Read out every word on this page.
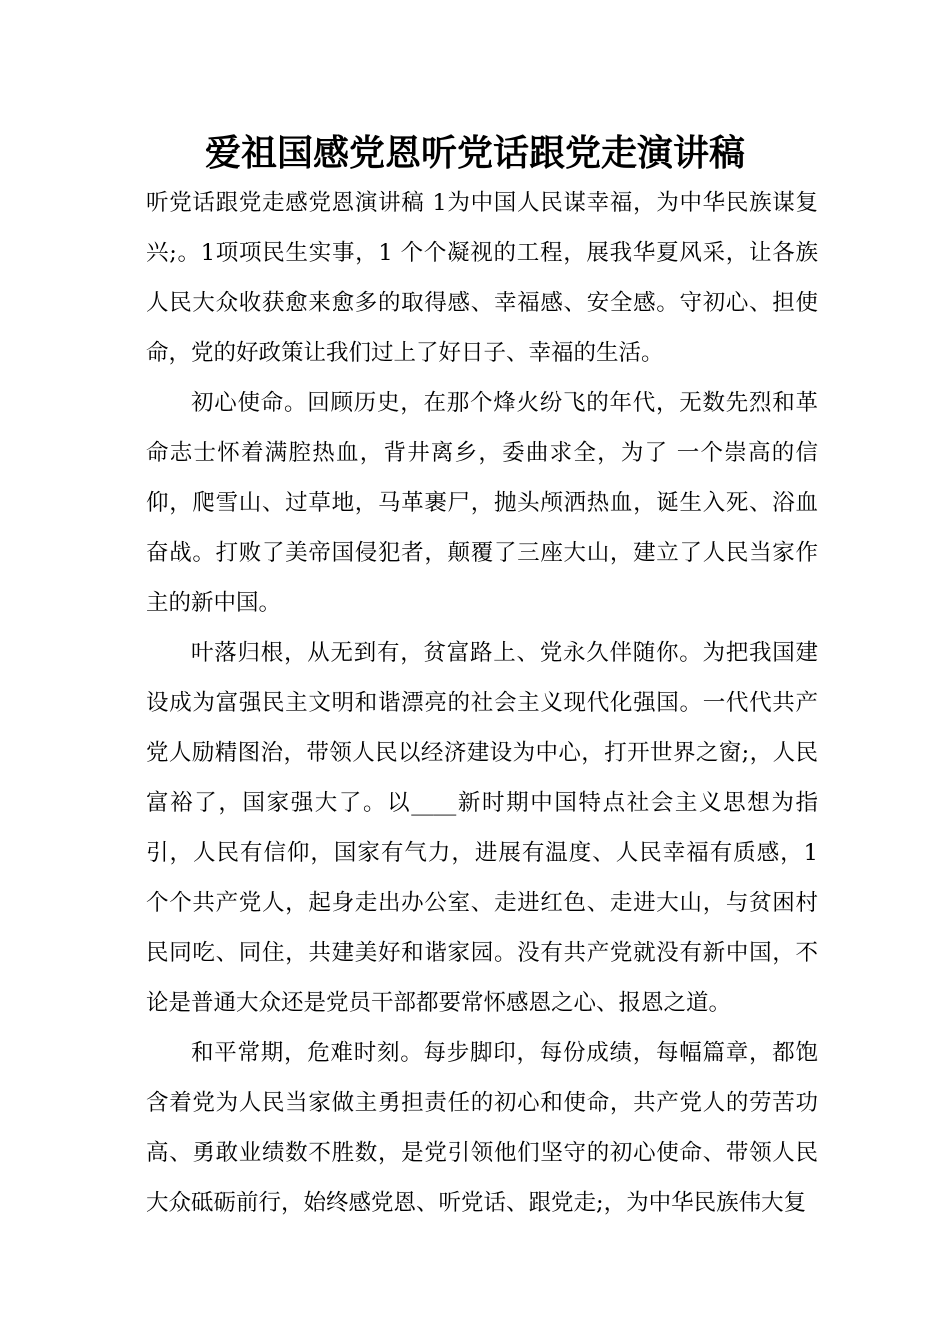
爱祖国感党恩听党话跟党走演讲稿

听党话跟党走感党恩演讲稿 1为中国人民谋幸福，为中华民族谋复兴;。1项项民生实事，1 个个凝视的工程，展我华夏风采，让各族人民大众收获愈来愈多的取得感、幸福感、安全感。守初心、担使命，党的好政策让我们过上了好日子、幸福的生活。

初心使命。回顾历史，在那个烽火纷飞的年代，无数先烈和革命志士怀着满腔热血，背井离乡，委曲求全，为了 一个崇高的信仰，爬雪山、过草地，马革裹尸，抛头颅洒热血，诞生入死、浴血奋战。打败了美帝国侵犯者，颠覆了三座大山，建立了人民当家作主的新中国。

叶落归根，从无到有，贫富路上、党永久伴随你。为把我国建设成为富强民主文明和谐漂亮的社会主义现代化强国。一代代共产党人励精图治，带领人民以经济建设为中心，打开世界之窗;，人民富裕了，国家强大了。以____新时期中国特点社会主义思想为指引，人民有信仰，国家有气力，进展有温度、人民幸福有质感，1 个个共产党人，起身走出办公室、走进红色、走进大山，与贫困村民同吃、同住，共建美好和谐家园。没有共产党就没有新中国，不论是普通大众还是党员干部都要常怀感恩之心、报恩之道。

和平常期，危难时刻。每步脚印，每份成绩，每幅篇章，都饱含着党为人民当家做主勇担责任的初心和使命，共产党人的劳苦功高、勇敢业绩数不胜数，是党引领他们坚守的初心使命、带领人民大众砥砺前行，始终感党恩、听党话、跟党走;，为中华民族伟大复
